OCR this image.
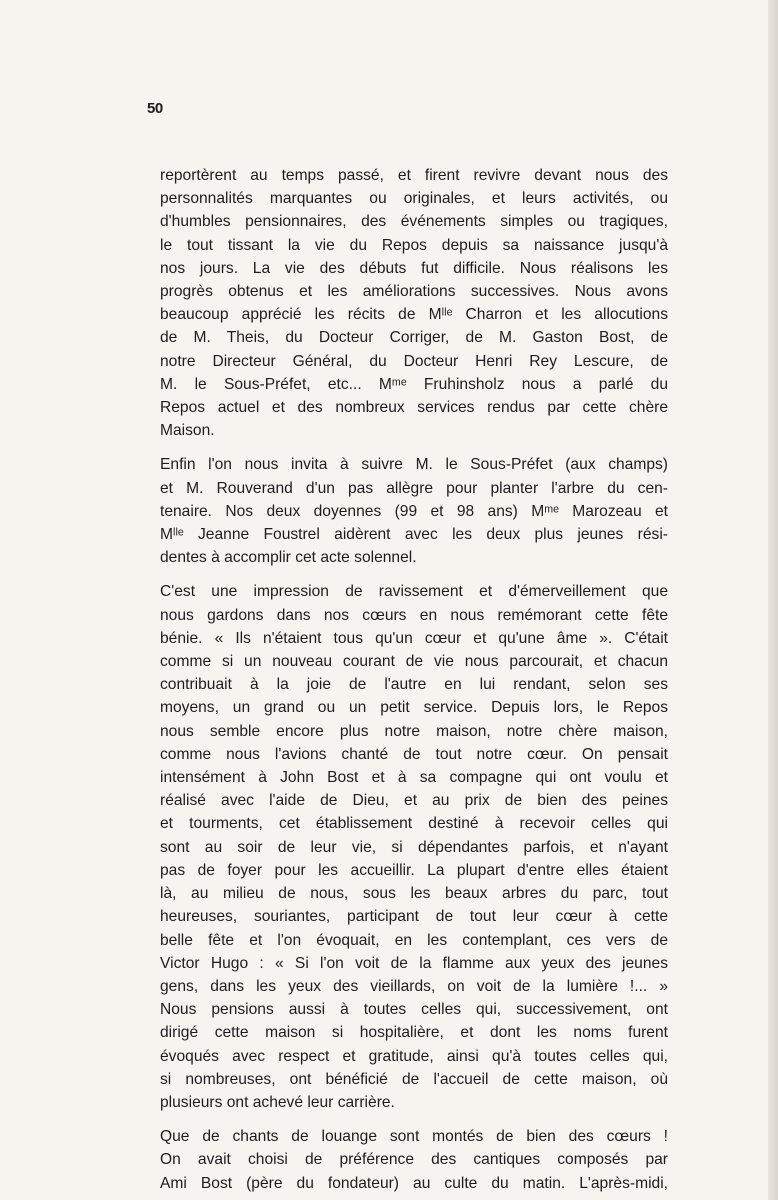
50

reportèrent au temps passé, et firent revivre devant nous des
personnalités marquantes ou originales, et leurs activités, ou
d'humbles pensionnaires, des événements simples ou tragiques,
le tout tissant la vie du Repos depuis sa naissance jusqu'à
nos jours. La vie des débuts fut difficile. Nous réalisons les
progrès obtenus et les améliorations successives. Nous avons
beaucoup apprécié les récits de Mˡˡᵉ Charron et les allocutions
de M. Theis, du Docteur Corriger, de M. Gaston Bost, de
notre Directeur Général, du Docteur Henri Rey Lescure, de
M. le Sous-Préfet, etc... Mᵐᵉ Fruhinsholz nous a parlé du
Repos actuel et des nombreux services rendus par cette chère
Maison.

Enfin l'on nous invita à suivre M. le Sous-Préfet (aux champs)
et M. Rouverand d'un pas allègre pour planter l'arbre du cen-
tenaire. Nos deux doyennes (99 et 98 ans) Mᵐᵉ Marozeau et
Mˡˡᵉ Jeanne Foustrel aidèrent avec les deux plus jeunes rési-
dentes à accomplir cet acte solennel.

C'est une impression de ravissement et d'émerveillement que
nous gardons dans nos cœurs en nous remémorant cette fête
bénie. « Ils n'étaient tous qu'un cœur et qu'une âme ». C'était
comme si un nouveau courant de vie nous parcourait, et chacun
contribuait à la joie de l'autre en lui rendant, selon ses
moyens, un grand ou un petit service. Depuis lors, le Repos
nous semble encore plus notre maison, notre chère maison,
comme nous l'avions chanté de tout notre cœur. On pensait
intensément à John Bost et à sa compagne qui ont voulu et
réalisé avec l'aide de Dieu, et au prix de bien des peines
et tourments, cet établissement destiné à recevoir celles qui
sont au soir de leur vie, si dépendantes parfois, et n'ayant
pas de foyer pour les accueillir. La plupart d'entre elles étaient
là, au milieu de nous, sous les beaux arbres du parc, tout
heureuses, souriantes, participant de tout leur cœur à cette
belle fête et l'on évoquait, en les contemplant, ces vers de
Victor Hugo : « Si l'on voit de la flamme aux yeux des jeunes
gens, dans les yeux des vieillards, on voit de la lumière !... »
Nous pensions aussi à toutes celles qui, successivement, ont
dirigé cette maison si hospitalière, et dont les noms furent
évoqués avec respect et gratitude, ainsi qu'à toutes celles qui,
si nombreuses, ont bénéficié de l'accueil de cette maison, où
plusieurs ont achevé leur carrière.

Que de chants de louange sont montés de bien des cœurs !
On avait choisi de préférence des cantiques composés par
Ami Bost (père du fondateur) au culte du matin. L'après-midi,
